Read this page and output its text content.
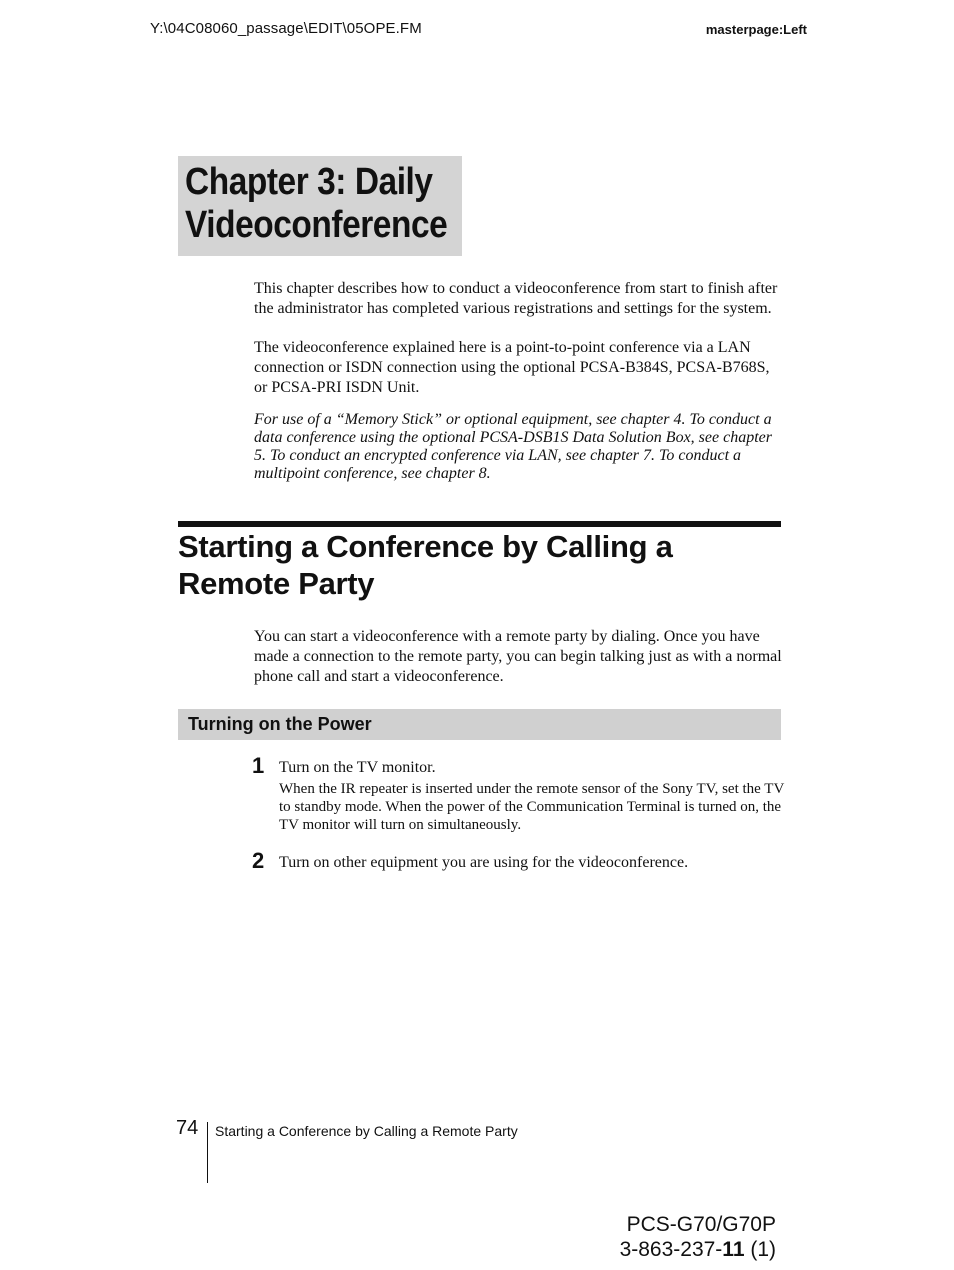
Y:\04C08060_passage\EDIT\05OPE.FM	masterpage:Left
Chapter 3: Daily
Videoconference

This chapter describes how to conduct a videoconference from start to finish after the administrator has completed various registrations and settings for the system.

The videoconference explained here is a point-to-point conference via a LAN connection or ISDN connection using the optional PCSA-B384S, PCSA-B768S, or PCSA-PRI ISDN Unit.

For use of a “Memory Stick” or optional equipment, see chapter 4. To conduct a data conference using the optional PCSA-DSB1S Data Solution Box, see chapter 5. To conduct an encrypted conference via LAN, see chapter 7. To conduct a multipoint conference, see chapter 8.

Starting a Conference by Calling a
Remote Party

You can start a videoconference with a remote party by dialing. Once you have made a connection to the remote party, you can begin talking just as with a normal phone call and start a videoconference.

Turning on the Power
1 Turn on the TV monitor.

When the IR repeater is inserted under the remote sensor of the Sony TV, set the TV to standby mode. When the power of the Communication Terminal is turned on, the TV monitor will turn on simultaneously.

2 Turn on other equipment you are using for the videoconference.

74 Starting a Conference by Calling a Remote Party
PCS-G70/G70P
3-863-237-11 (1)
